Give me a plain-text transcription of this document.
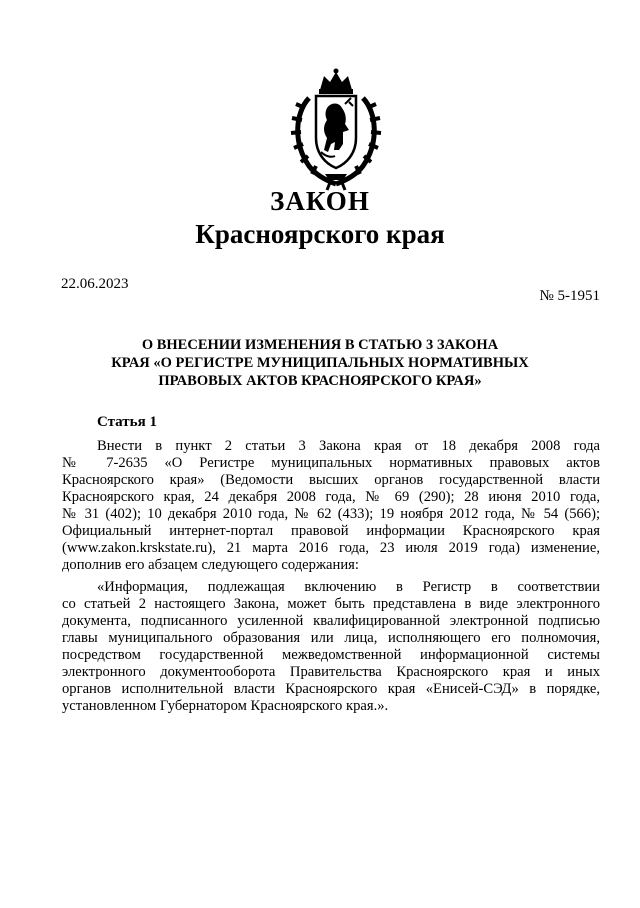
ЗАКОН
Красноярского края
22.06.2023
№ 5-1951
О ВНЕСЕНИИ ИЗМЕНЕНИЯ В СТАТЬЮ 3 ЗАКОНА
КРАЯ «О РЕГИСТРЕ МУНИЦИПАЛЬНЫХ НОРМАТИВНЫХ
ПРАВОВЫХ АКТОВ КРАСНОЯРСКОГО КРАЯ»
Статья 1
Внести в пункт 2 статьи 3 Закона края от 18 декабря 2008 года
№ 7-2635 «О Регистре муниципальных нормативных правовых актов
Красноярского края» (Ведомости высших органов государственной власти
Красноярского края, 24 декабря 2008 года, № 69 (290); 28 июня 2010 года,
№ 31 (402); 10 декабря 2010 года, № 62 (433); 19 ноября 2012 года, № 54 (566);
Официальный интернет-портал правовой информации Красноярского края
(www.zakon.krskstate.ru), 21 марта 2016 года, 23 июля 2019 года) изменение,
дополнив его абзацем следующего содержания:
«Информация, подлежащая включению в Регистр в соответствии
со статьей 2 настоящего Закона, может быть представлена в виде электронного
документа, подписанного усиленной квалифицированной электронной подписью
главы муниципального образования или лица, исполняющего его полномочия,
посредством государственной межведомственной информационной системы
электронного документооборота Правительства Красноярского края и иных
органов исполнительной власти Красноярского края «Енисей-СЭД» в порядке,
установленном Губернатором Красноярского края.».
